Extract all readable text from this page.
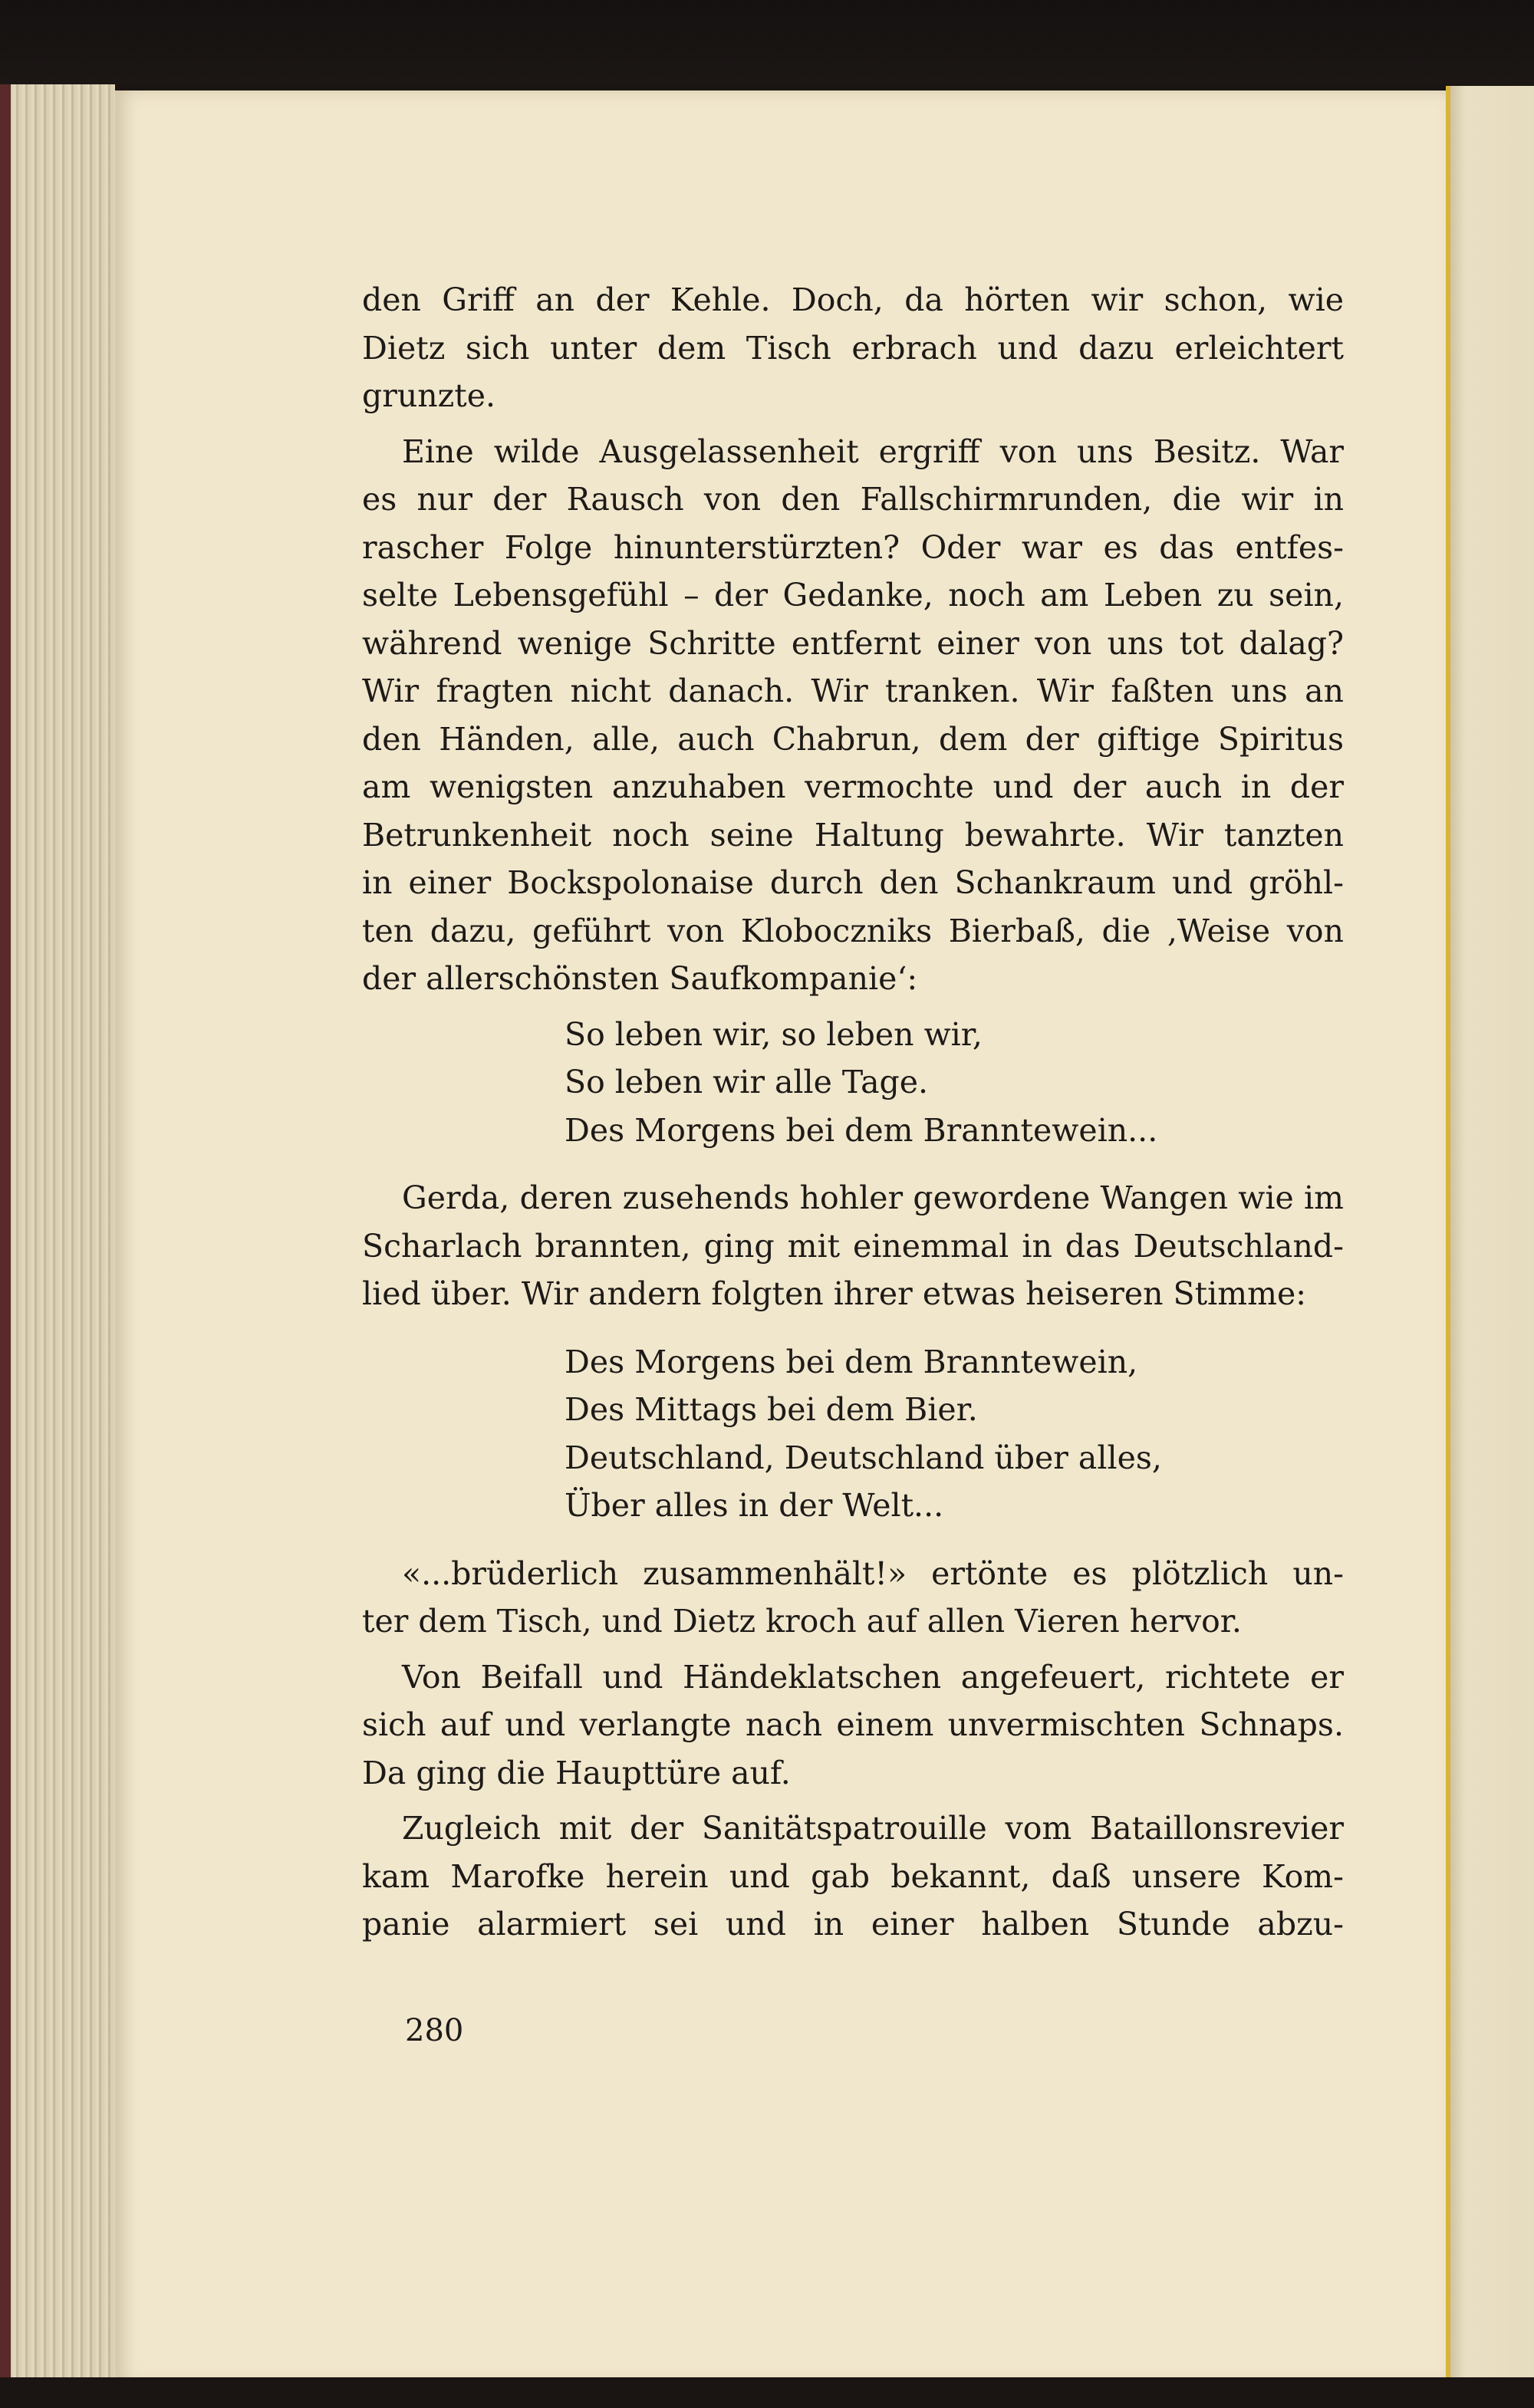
den Griff an der Kehle. Doch, da hörten wir schon, wie

Dietz sich unter dem Tisch erbrach und dazu erleichtert

grunzte.

Eine wilde Ausgelassenheit ergriff von uns Besitz. War

es nur der Rausch von den Fallschirmrunden, die wir in

rascher Folge hinunterstürzten? Oder war es das entfes-

selte Lebensgefühl – der Gedanke, noch am Leben zu sein,

während wenige Schritte entfernt einer von uns tot dalag?

Wir fragten nicht danach. Wir tranken. Wir faßten uns an

den Händen, alle, auch Chabrun, dem der giftige Spiritus

am wenigsten anzuhaben vermochte und der auch in der

Betrunkenheit noch seine Haltung bewahrte. Wir tanzten

in einer Bockspolonaise durch den Schankraum und gröhl-

ten dazu, geführt von Kloboczniks Bierbaß, die ‚Weise von

der allerschönsten Saufkompanie‘:

So leben wir, so leben wir,
So leben wir alle Tage.
Des Morgens bei dem Branntewein...

Gerda, deren zusehends hohler gewordene Wangen wie im

Scharlach brannten, ging mit einemmal in das Deutschland-

lied über. Wir andern folgten ihrer etwas heiseren Stimme:

Des Morgens bei dem Branntewein,
Des Mittags bei dem Bier.
Deutschland, Deutschland über alles,
Über alles in der Welt...

«...brüderlich zusammenhält!» ertönte es plötzlich un-

ter dem Tisch, und Dietz kroch auf allen Vieren hervor.

Von Beifall und Händeklatschen angefeuert, richtete er

sich auf und verlangte nach einem unvermischten Schnaps.

Da ging die Haupttüre auf.

Zugleich mit der Sanitätspatrouille vom Bataillonsrevier

kam Marofke herein und gab bekannt, daß unsere Kom-

panie alarmiert sei und in einer halben Stunde abzu-

280
